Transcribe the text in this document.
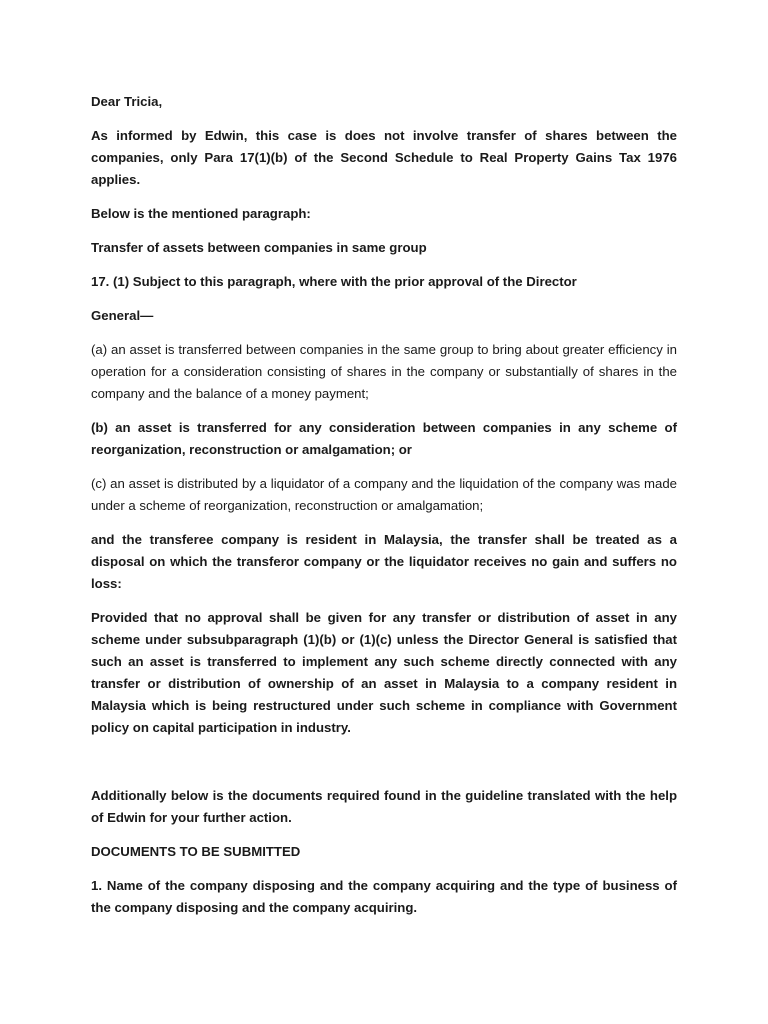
Dear Tricia,

As informed by Edwin, this case is does not involve transfer of shares between the companies, only Para 17(1)(b) of the Second Schedule to Real Property Gains Tax 1976 applies.

Below is the mentioned paragraph:

Transfer of assets between companies in same group

17. (1) Subject to this paragraph, where with the prior approval of the Director

General—

(a) an asset is transferred between companies in the same group to bring about greater efficiency in operation for a consideration consisting of shares in the company or substantially of shares in the company and the balance of a money payment;

(b) an asset is transferred for any consideration between companies in any scheme of reorganization, reconstruction or amalgamation; or

(c) an asset is distributed by a liquidator of a company and the liquidation of the company was made under a scheme of reorganization, reconstruction or amalgamation;

and the transferee company is resident in Malaysia, the transfer shall be treated as a disposal on which the transferor company or the liquidator receives no gain and suffers no loss:

Provided that no approval shall be given for any transfer or distribution of asset in any scheme under subsubparagraph (1)(b) or (1)(c) unless the Director General is satisfied that such an asset is transferred to implement any such scheme directly connected with any transfer or distribution of ownership of an asset in Malaysia to a company resident in Malaysia which is being restructured under such scheme in compliance with Government policy on capital participation in industry.

Additionally below is the documents required found in the guideline translated with the help of Edwin for your further action.

DOCUMENTS TO BE SUBMITTED

1. Name of the company disposing and the company acquiring and the type of business of the company disposing and the company acquiring.
